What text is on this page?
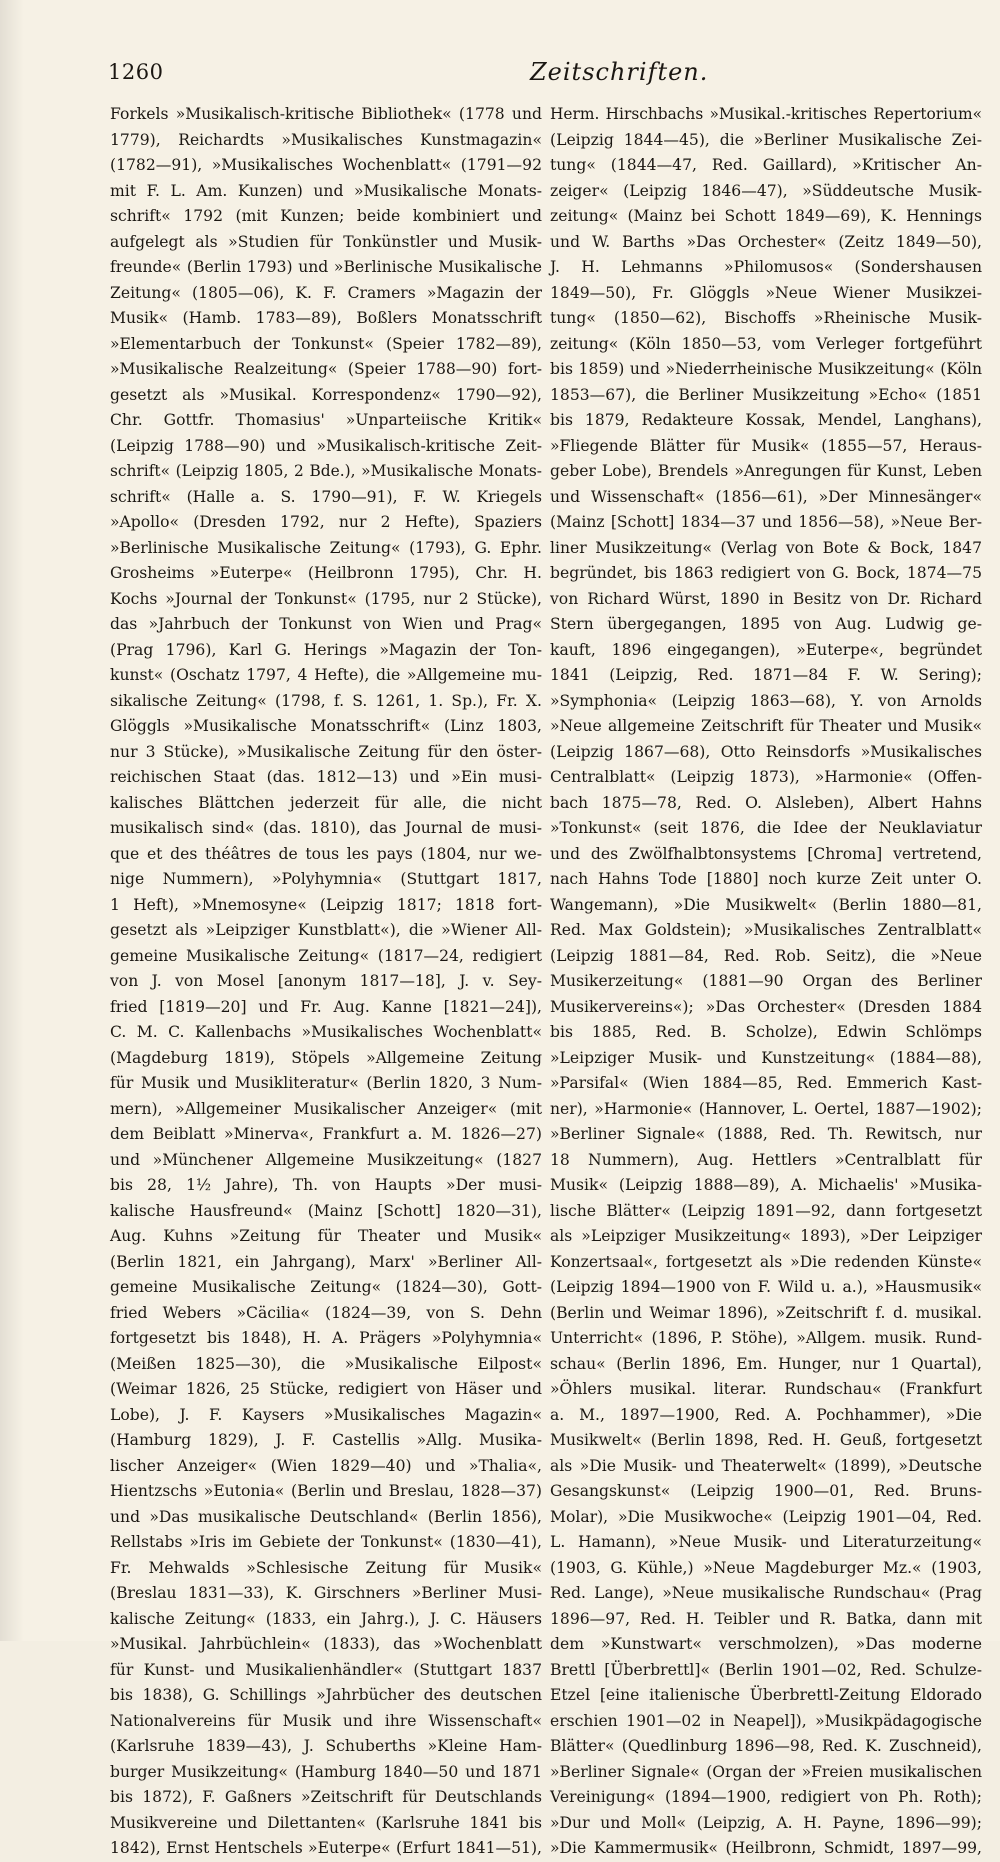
1260	Zeitschriften.
Forkels »Musikalisch-kritische Bibliothek« (1778 und
1779), Reichardts »Musikalisches Kunstmagazin«
(1782—91), »Musikalisches Wochenblatt« (1791—92
mit F. L. Am. Kunzen) und »Musikalische Monats-
schrift« 1792 (mit Kunzen; beide kombiniert und
aufgelegt als »Studien für Tonkünstler und Musik-
freunde« (Berlin 1793) und »Berlinische Musikalische
Zeitung« (1805—06), K. F. Cramers »Magazin der
Musik« (Hamb. 1783—89), Boßlers Monatsschrift
»Elementarbuch der Tonkunst« (Speier 1782—89),
»Musikalische Realzeitung« (Speier 1788—90) fort-
gesetzt als »Musikal. Korrespondenz« 1790—92),
Chr. Gottfr. Thomasius' »Unparteiische Kritik«
(Leipzig 1788—90) und »Musikalisch-kritische Zeit-
schrift« (Leipzig 1805, 2 Bde.), »Musikalische Monats-
schrift« (Halle a. S. 1790—91), F. W. Kriegels
»Apollo« (Dresden 1792, nur 2 Hefte), Spaziers
»Berlinische Musikalische Zeitung« (1793), G. Ephr.
Grosheims »Euterpe« (Heilbronn 1795), Chr. H.
Kochs »Journal der Tonkunst« (1795, nur 2 Stücke),
das »Jahrbuch der Tonkunst von Wien und Prag«
(Prag 1796), Karl G. Herings »Magazin der Ton-
kunst« (Oschatz 1797, 4 Hefte), die »Allgemeine mu-
sikalische Zeitung« (1798, f. S. 1261, 1. Sp.), Fr. X.
Glöggls »Musikalische Monatsschrift« (Linz 1803,
nur 3 Stücke), »Musikalische Zeitung für den öster-
reichischen Staat (das. 1812—13) und »Ein musi-
kalisches Blättchen jederzeit für alle, die nicht
musikalisch sind« (das. 1810), das Journal de musi-
que et des théâtres de tous les pays (1804, nur we-
nige Nummern), »Polyhymnia« (Stuttgart 1817,
1 Heft), »Mnemosyne« (Leipzig 1817; 1818 fort-
gesetzt als »Leipziger Kunstblatt«), die »Wiener All-
gemeine Musikalische Zeitung« (1817—24, redigiert
von J. von Mosel [anonym 1817—18], J. v. Sey-
fried [1819—20] und Fr. Aug. Kanne [1821—24]),
C. M. C. Kallenbachs »Musikalisches Wochenblatt«
(Magdeburg 1819), Stöpels »Allgemeine Zeitung
für Musik und Musikliteratur« (Berlin 1820, 3 Num-
mern), »Allgemeiner Musikalischer Anzeiger« (mit
dem Beiblatt »Minerva«, Frankfurt a. M. 1826—27)
und »Münchener Allgemeine Musikzeitung« (1827
bis 28, 1½ Jahre), Th. von Haupts »Der musi-
kalische Hausfreund« (Mainz [Schott] 1820—31),
Aug. Kuhns »Zeitung für Theater und Musik«
(Berlin 1821, ein Jahrgang), Marx' »Berliner All-
gemeine Musikalische Zeitung« (1824—30), Gott-
fried Webers »Cäcilia« (1824—39, von S. Dehn
fortgesetzt bis 1848), H. A. Prägers »Polyhymnia«
(Meißen 1825—30), die »Musikalische Eilpost«
(Weimar 1826, 25 Stücke, redigiert von Häser und
Lobe), J. F. Kaysers »Musikalisches Magazin«
(Hamburg 1829), J. F. Castellis »Allg. Musika-
lischer Anzeiger« (Wien 1829—40) und »Thalia«,
Hientzschs »Eutonia« (Berlin und Breslau, 1828—37)
und »Das musikalische Deutschland« (Berlin 1856),
Rellstabs »Iris im Gebiete der Tonkunst« (1830—41),
Fr. Mehwalds »Schlesische Zeitung für Musik«
(Breslau 1831—33), K. Girschners »Berliner Musi-
kalische Zeitung« (1833, ein Jahrg.), J. C. Häusers
»Musikal. Jahrbüchlein« (1833), das »Wochenblatt
für Kunst- und Musikalienhändler« (Stuttgart 1837
bis 1838), G. Schillings »Jahrbücher des deutschen
Nationalvereins für Musik und ihre Wissenschaft«
(Karlsruhe 1839—43), J. Schuberths »Kleine Ham-
burger Musikzeitung« (Hamburg 1840—50 und 1871
bis 1872), F. Gaßners »Zeitschrift für Deutschlands
Musikvereine und Dilettanten« (Karlsruhe 1841 bis
1842), Ernst Hentschels »Euterpe« (Erfurt 1841—51),
Herm. Hirschbachs »Musikal.-kritisches Repertorium«
(Leipzig 1844—45), die »Berliner Musikalische Zei-
tung« (1844—47, Red. Gaillard), »Kritischer An-
zeiger« (Leipzig 1846—47), »Süddeutsche Musik-
zeitung« (Mainz bei Schott 1849—69), K. Hennings
und W. Barths »Das Orchester« (Zeitz 1849—50),
J. H. Lehmanns »Philomusos« (Sondershausen
1849—50), Fr. Glöggls »Neue Wiener Musikzei-
tung« (1850—62), Bischoffs »Rheinische Musik-
zeitung« (Köln 1850—53, vom Verleger fortgeführt
bis 1859) und »Niederrheinische Musikzeitung« (Köln
1853—67), die Berliner Musikzeitung »Echo« (1851
bis 1879, Redakteure Kossak, Mendel, Langhans),
»Fliegende Blätter für Musik« (1855—57, Heraus-
geber Lobe), Brendels »Anregungen für Kunst, Leben
und Wissenschaft« (1856—61), »Der Minnesänger«
(Mainz [Schott] 1834—37 und 1856—58), »Neue Ber-
liner Musikzeitung« (Verlag von Bote & Bock, 1847
begründet, bis 1863 redigiert von G. Bock, 1874—75
von Richard Würst, 1890 in Besitz von Dr. Richard
Stern übergegangen, 1895 von Aug. Ludwig ge-
kauft, 1896 eingegangen), »Euterpe«, begründet
1841 (Leipzig, Red. 1871—84 F. W. Sering);
»Symphonia« (Leipzig 1863—68), Y. von Arnolds
»Neue allgemeine Zeitschrift für Theater und Musik«
(Leipzig 1867—68), Otto Reinsdorfs »Musikalisches
Centralblatt« (Leipzig 1873), »Harmonie« (Offen-
bach 1875—78, Red. O. Alsleben), Albert Hahns
»Tonkunst« (seit 1876, die Idee der Neuklaviatur
und des Zwölfhalbtonsystems [Chroma] vertretend,
nach Hahns Tode [1880] noch kurze Zeit unter O.
Wangemann), »Die Musikwelt« (Berlin 1880—81,
Red. Max Goldstein); »Musikalisches Zentralblatt«
(Leipzig 1881—84, Red. Rob. Seitz), die »Neue
Musikerzeitung« (1881—90 Organ des Berliner
Musikervereins«); »Das Orchester« (Dresden 1884
bis 1885, Red. B. Scholze), Edwin Schlömps
»Leipziger Musik- und Kunstzeitung« (1884—88),
»Parsifal« (Wien 1884—85, Red. Emmerich Kast-
ner), »Harmonie« (Hannover, L. Oertel, 1887—1902);
»Berliner Signale« (1888, Red. Th. Rewitsch, nur
18 Nummern), Aug. Hettlers »Centralblatt für
Musik« (Leipzig 1888—89), A. Michaelis' »Musika-
lische Blätter« (Leipzig 1891—92, dann fortgesetzt
als »Leipziger Musikzeitung« 1893), »Der Leipziger
Konzertsaal«, fortgesetzt als »Die redenden Künste«
(Leipzig 1894—1900 von F. Wild u. a.), »Hausmusik«
(Berlin und Weimar 1896), »Zeitschrift f. d. musikal.
Unterricht« (1896, P. Stöhe), »Allgem. musik. Rund-
schau« (Berlin 1896, Em. Hunger, nur 1 Quartal),
»Öhlers musikal. literar. Rundschau« (Frankfurt
a. M., 1897—1900, Red. A. Pochhammer), »Die
Musikwelt« (Berlin 1898, Red. H. Geuß, fortgesetzt
als »Die Musik- und Theaterwelt« (1899), »Deutsche
Gesangskunst« (Leipzig 1900—01, Red. Bruns-
Molar), »Die Musikwoche« (Leipzig 1901—04, Red.
L. Hamann), »Neue Musik- und Literaturzeitung«
(1903, G. Kühle,) »Neue Magdeburger Mz.« (1903,
Red. Lange), »Neue musikalische Rundschau« (Prag
1896—97, Red. H. Teibler und R. Batka, dann mit
dem »Kunstwart« verschmolzen), »Das moderne
Brettl [Überbrettl]« (Berlin 1901—02, Red. Schulze-
Etzel [eine italienische Überbrettl-Zeitung Eldorado
erschien 1901—02 in Neapel]), »Musikpädagogische
Blätter« (Quedlinburg 1896—98, Red. K. Zuschneid),
»Berliner Signale« (Organ der »Freien musikalischen
Vereinigung« (1894—1900, redigiert von Ph. Roth);
»Dur und Moll« (Leipzig, A. H. Payne, 1896—99);
»Die Kammermusik« (Heilbronn, Schmidt, 1897—99,
